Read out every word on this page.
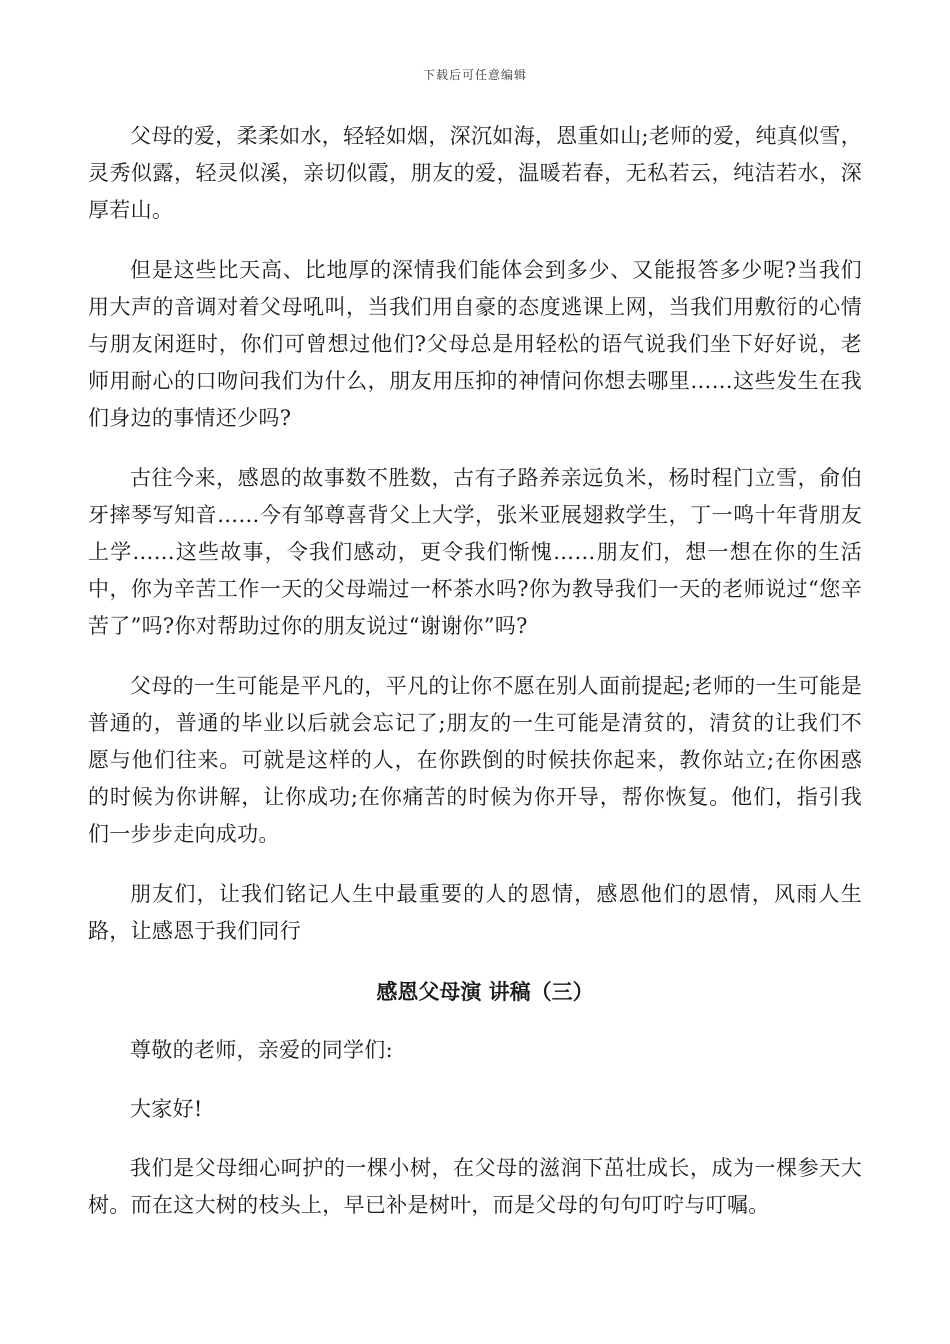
下载后可任意编辑

父母的爱，柔柔如水，轻轻如烟，深沉如海，恩重如山;老师的爱，纯真似雪，灵秀似露，轻灵似溪，亲切似霞，朋友的爱，温暖若春，无私若云，纯洁若水，深厚若山。

但是这些比天高、比地厚的深情我们能体会到多少、又能报答多少呢?当我们用大声的音调对着父母吼叫，当我们用自豪的态度逃课上网，当我们用敷衍的心情与朋友闲逛时，你们可曾想过他们?父母总是用轻松的语气说我们坐下好好说，老师用耐心的口吻问我们为什么，朋友用压抑的神情问你想去哪里……这些发生在我们身边的事情还少吗?

古往今来，感恩的故事数不胜数，古有子路养亲远负米，杨时程门立雪，俞伯牙摔琴写知音……今有邹尊喜背父上大学，张米亚展翅救学生，丁一鸣十年背朋友上学……这些故事，令我们感动，更令我们惭愧……朋友们，想一想在你的生活中，你为辛苦工作一天的父母端过一杯茶水吗?你为教导我们一天的老师说过“您辛苦了”吗?你对帮助过你的朋友说过“谢谢你”吗?

父母的一生可能是平凡的，平凡的让你不愿在别人面前提起;老师的一生可能是普通的，普通的毕业以后就会忘记了;朋友的一生可能是清贫的，清贫的让我们不愿与他们往来。可就是这样的人，在你跌倒的时候扶你起来，教你站立;在你困惑的时候为你讲解，让你成功;在你痛苦的时候为你开导，帮你恢复。他们，指引我们一步步走向成功。

朋友们，让我们铭记人生中最重要的人的恩情，感恩他们的恩情，风雨人生路，让感恩于我们同行

感恩父母演 讲稿（三）

尊敬的老师，亲爱的同学们:

大家好!

我们是父母细心呵护的一棵小树，在父母的滋润下茁壮成长，成为一棵参天大树。而在这大树的枝头上，早已补是树叶，而是父母的句句叮咛与叮嘱。
